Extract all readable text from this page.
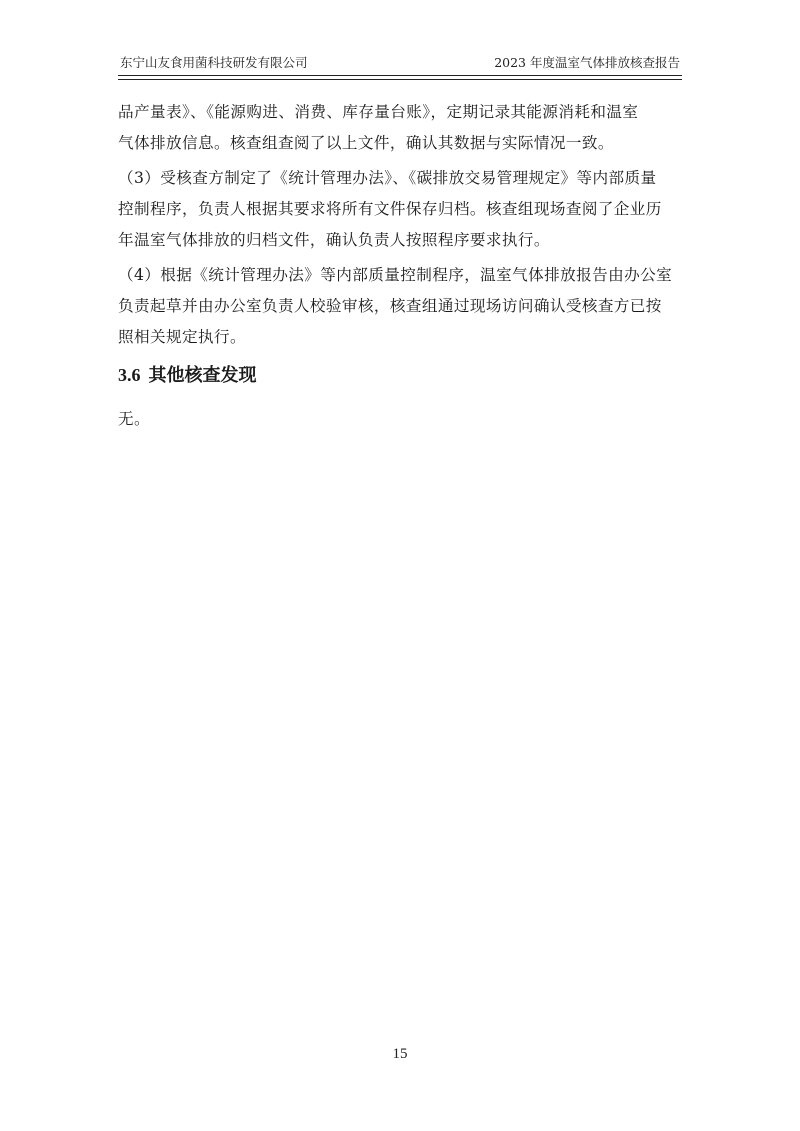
东宁山友食用菌科技研发有限公司	2023 年度温室气体排放核查报告

品产量表》、《能源购进、消费、库存量台账》，定期记录其能源消耗和温室
气体排放信息。核查组查阅了以上文件，确认其数据与实际情况一致。

（3）受核查方制定了《统计管理办法》、《碳排放交易管理规定》等内部质量
控制程序，负责人根据其要求将所有文件保存归档。核查组现场查阅了企业历
年温室气体排放的归档文件，确认负责人按照程序要求执行。

（4）根据《统计管理办法》等内部质量控制程序，温室气体排放报告由办公室
负责起草并由办公室负责人校验审核，核查组通过现场访问确认受核查方已按
照相关规定执行。

3.6 其他核查发现

无。

15
